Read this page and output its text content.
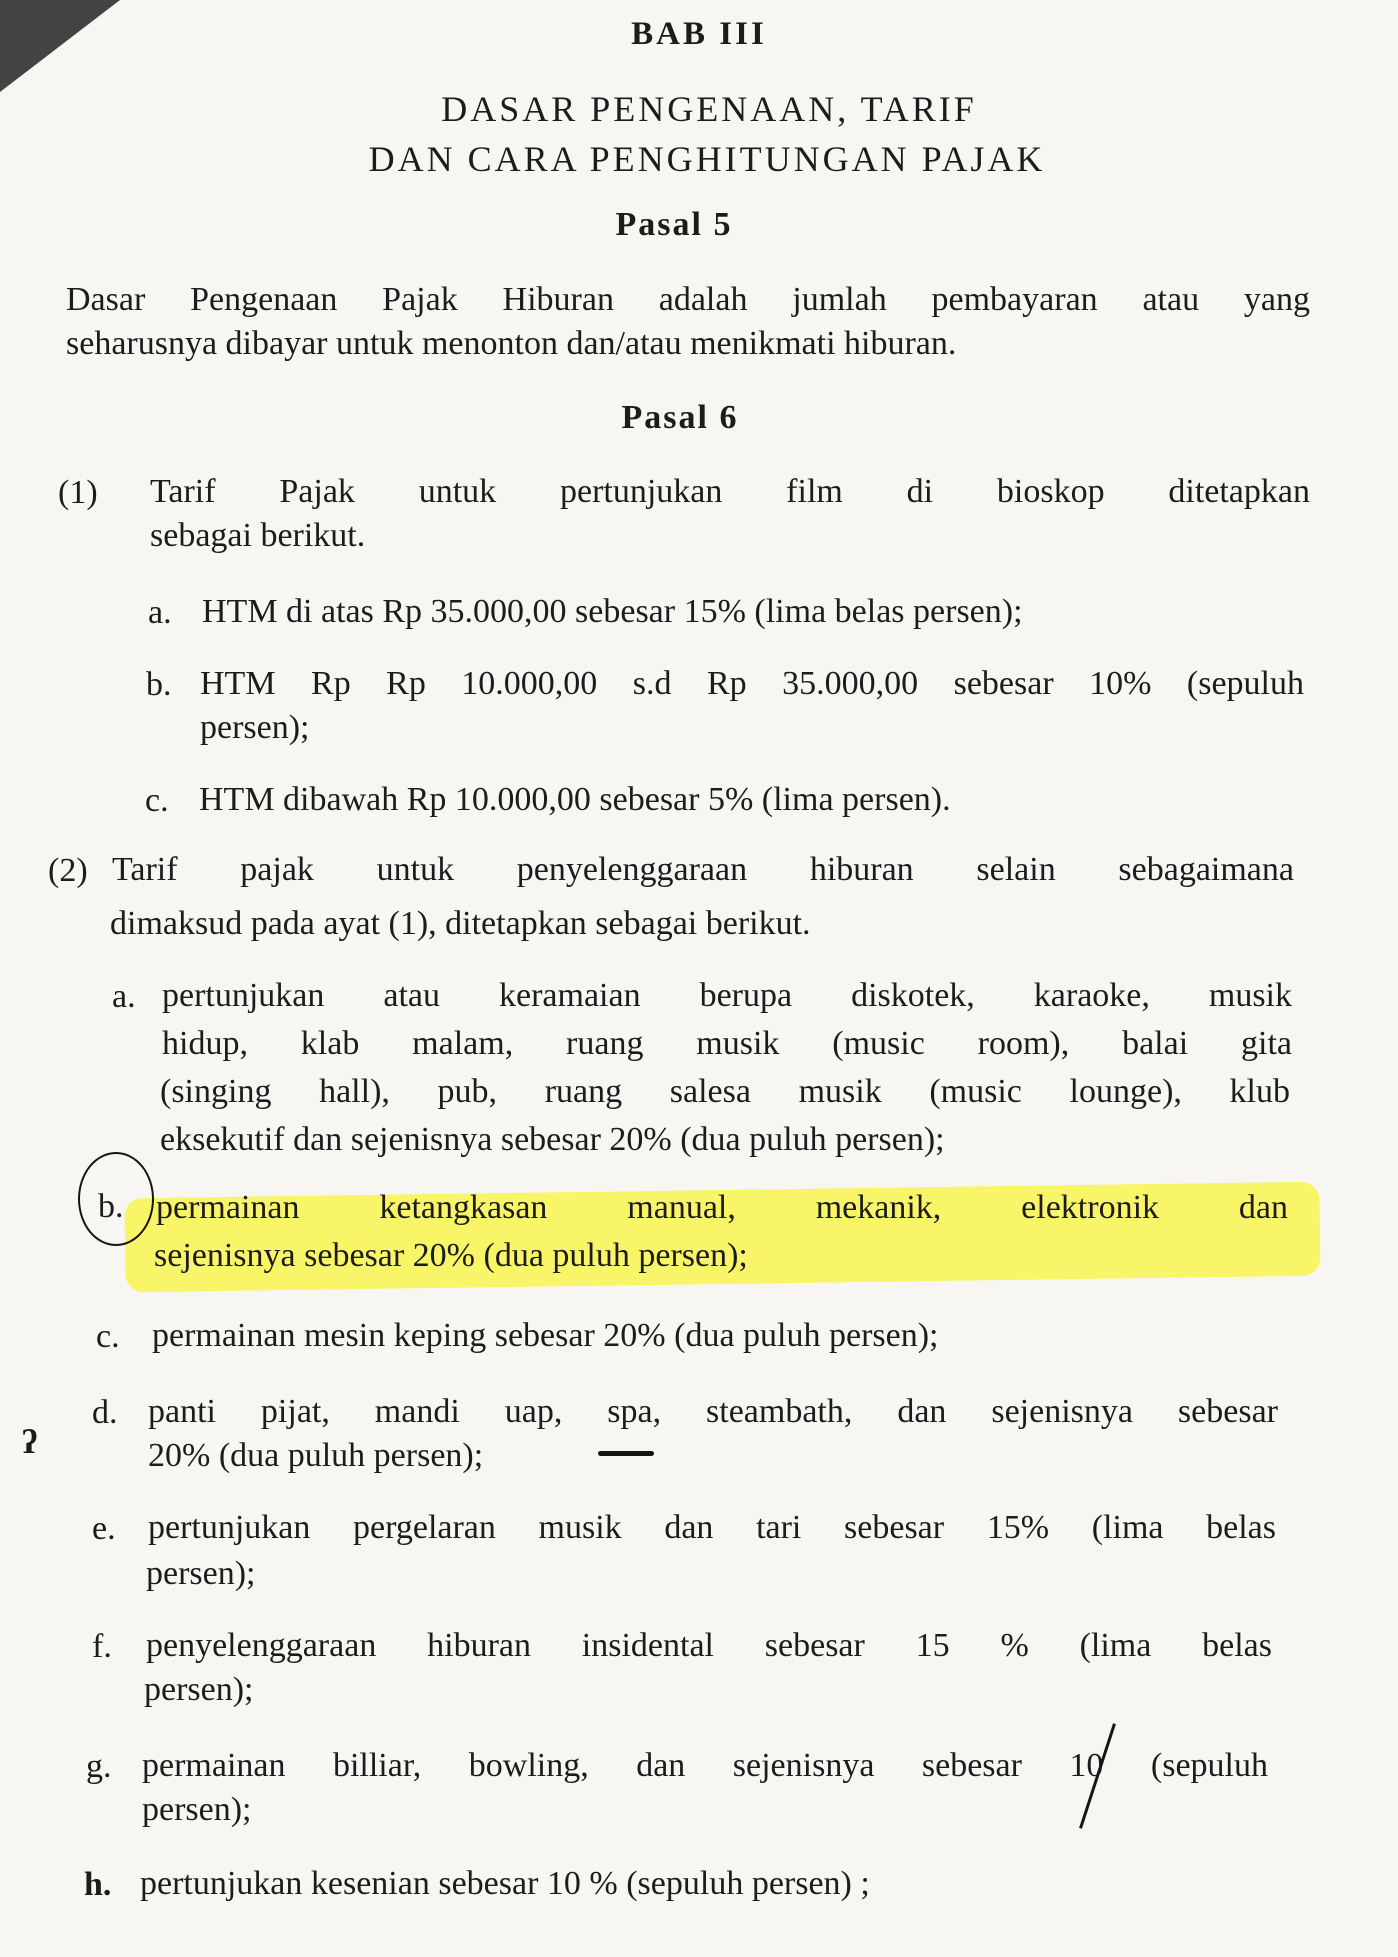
BAB III
DASAR PENGENAAN, TARIF
DAN CARA PENGHITUNGAN PAJAK
Pasal 5
Dasar Pengenaan Pajak Hiburan adalah jumlah pembayaran atau yang
seharusnya dibayar untuk menonton dan/atau menikmati hiburan.
Pasal 6
(1) Tarif Pajak untuk pertunjukan film di bioskop ditetapkan
sebagai berikut.
a. HTM di atas Rp 35.000,00 sebesar 15% (lima belas persen);
b. HTM Rp Rp 10.000,00 s.d Rp 35.000,00 sebesar 10% (sepuluh
persen);
c. HTM dibawah Rp 10.000,00 sebesar 5% (lima persen).
(2) Tarif pajak untuk penyelenggaraan hiburan selain sebagaimana
dimaksud pada ayat (1), ditetapkan sebagai berikut.
a. pertunjukan atau keramaian berupa diskotek, karaoke, musik
hidup, klab malam, ruang musik (music room), balai gita
(singing hall), pub, ruang salesa musik (music lounge), klub
eksekutif dan sejenisnya sebesar 20% (dua puluh persen);
b. permainan ketangkasan manual, mekanik, elektronik dan
sejenisnya sebesar 20% (dua puluh persen);
c. permainan mesin keping sebesar 20% (dua puluh persen);
ʔ
d. panti pijat, mandi uap, spa, steambath, dan sejenisnya sebesar
20% (dua puluh persen);
e. pertunjukan pergelaran musik dan tari sebesar 15% (lima belas
persen);
f. penyelenggaraan hiburan insidental sebesar 15 % (lima belas
persen);
g. permainan billiar, bowling, dan sejenisnya sebesar 10 (sepuluh
persen);
h. pertunjukan kesenian sebesar 10 % (sepuluh persen) ;
